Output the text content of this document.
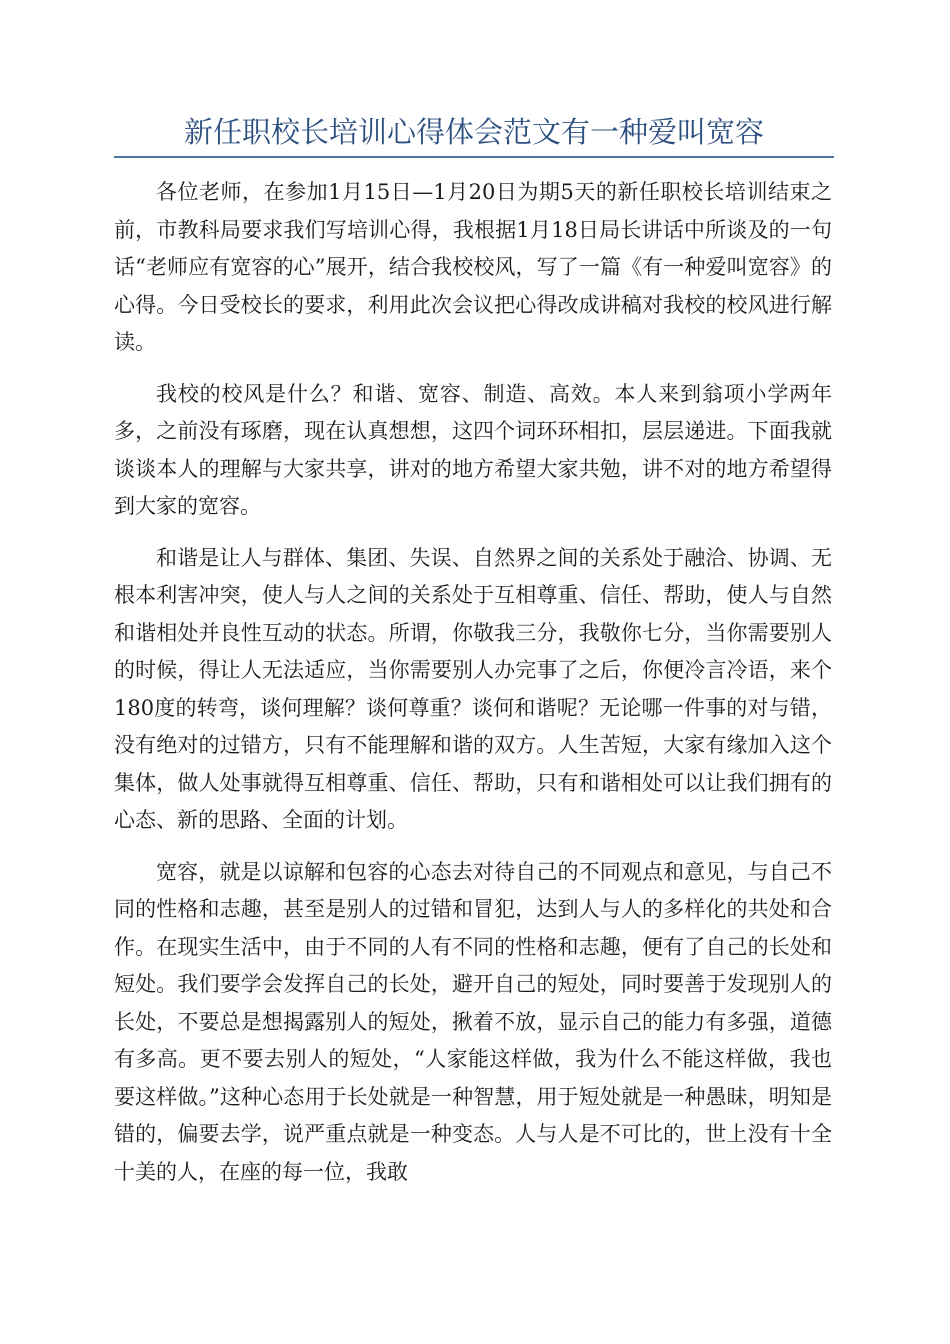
新任职校长培训心得体会范文有一种爱叫宽容

各位老师，在参加1月15日—1月20日为期5天的新任职校长培训结束之前，市教科局要求我们写培训心得，我根据1月18日局长讲话中所谈及的一句话“老师应有宽容的心”展开，结合我校校风，写了一篇《有一种爱叫宽容》的心得。今日受校长的要求，利用此次会议把心得改成讲稿对我校的校风进行解读。

我校的校风是什么？和谐、宽容、制造、高效。本人来到翁项小学两年多，之前没有琢磨，现在认真想想，这四个词环环相扣，层层递进。下面我就谈谈本人的理解与大家共享，讲对的地方希望大家共勉，讲不对的地方希望得到大家的宽容。

和谐是让人与群体、集团、失误、自然界之间的关系处于融洽、协调、无根本利害冲突，使人与人之间的关系处于互相尊重、信任、帮助，使人与自然和谐相处并良性互动的状态。所谓，你敬我三分，我敬你七分，当你需要别人的时候，得让人无法适应，当你需要别人办完事了之后，你便冷言冷语，来个180度的转弯，谈何理解？谈何尊重？谈何和谐呢？无论哪一件事的对与错，没有绝对的过错方，只有不能理解和谐的双方。人生苦短，大家有缘加入这个集体，做人处事就得互相尊重、信任、帮助，只有和谐相处可以让我们拥有的心态、新的思路、全面的计划。

宽容，就是以谅解和包容的心态去对待自己的不同观点和意见，与自己不同的性格和志趣，甚至是别人的过错和冒犯，达到人与人的多样化的共处和合作。在现实生活中，由于不同的人有不同的性格和志趣，便有了自己的长处和短处。我们要学会发挥自己的长处，避开自己的短处，同时要善于发现别人的长处，不要总是想揭露别人的短处，揪着不放，显示自己的能力有多强，道德有多高。更不要去别人的短处，“人家能这样做，我为什么不能这样做，我也要这样做。”这种心态用于长处就是一种智慧，用于短处就是一种愚昧，明知是错的，偏要去学，说严重点就是一种变态。人与人是不可比的，世上没有十全十美的人，在座的每一位，我敢
